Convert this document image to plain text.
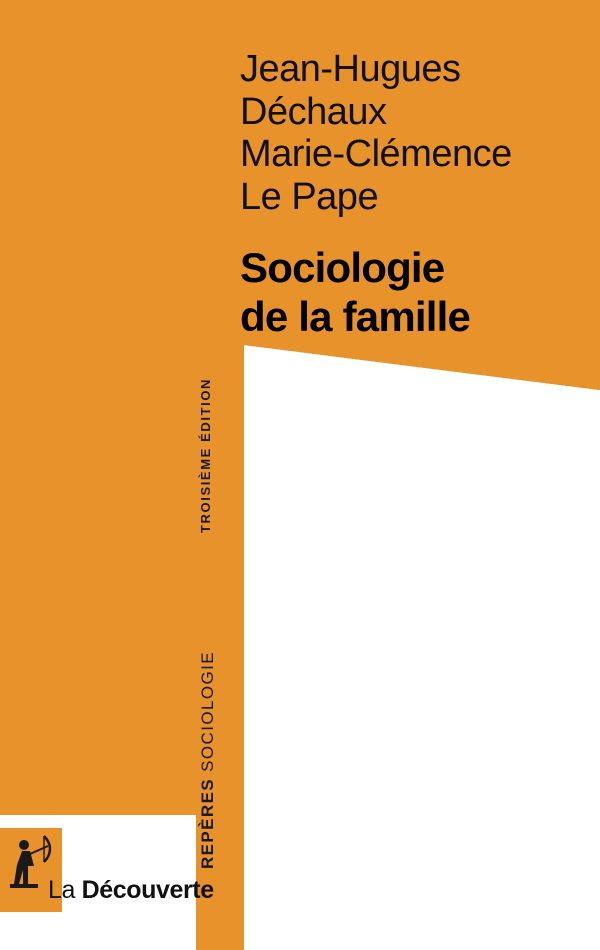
Jean-Hugues
Déchaux
Marie-Clémence
Le Pape
Sociologie
de la famille
TROISIÈME ÉDITION
REPÈRES SOCIOLOGIE
La Découverte
